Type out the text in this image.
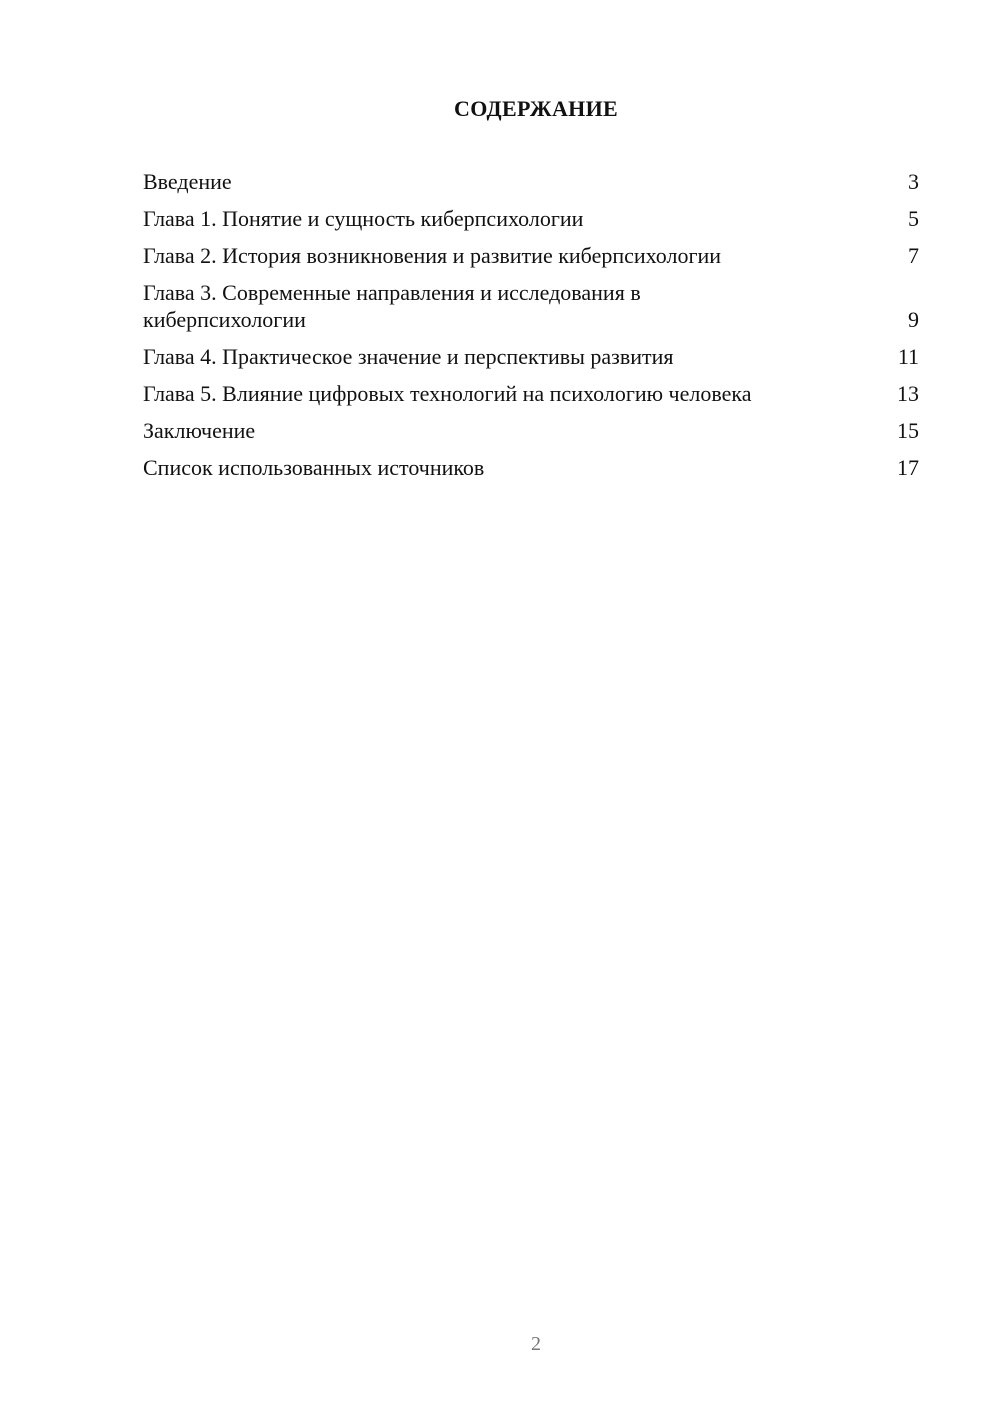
СОДЕРЖАНИЕ
Введение	3
Глава 1. Понятие и сущность киберпсихологии	5
Глава 2. История возникновения и развитие киберпсихологии	7
Глава 3. Современные направления и исследования в киберпсихологии	9
Глава 4. Практическое значение и перспективы развития	11
Глава 5. Влияние цифровых технологий на психологию человека	13
Заключение	15
Список использованных источников	17
2
